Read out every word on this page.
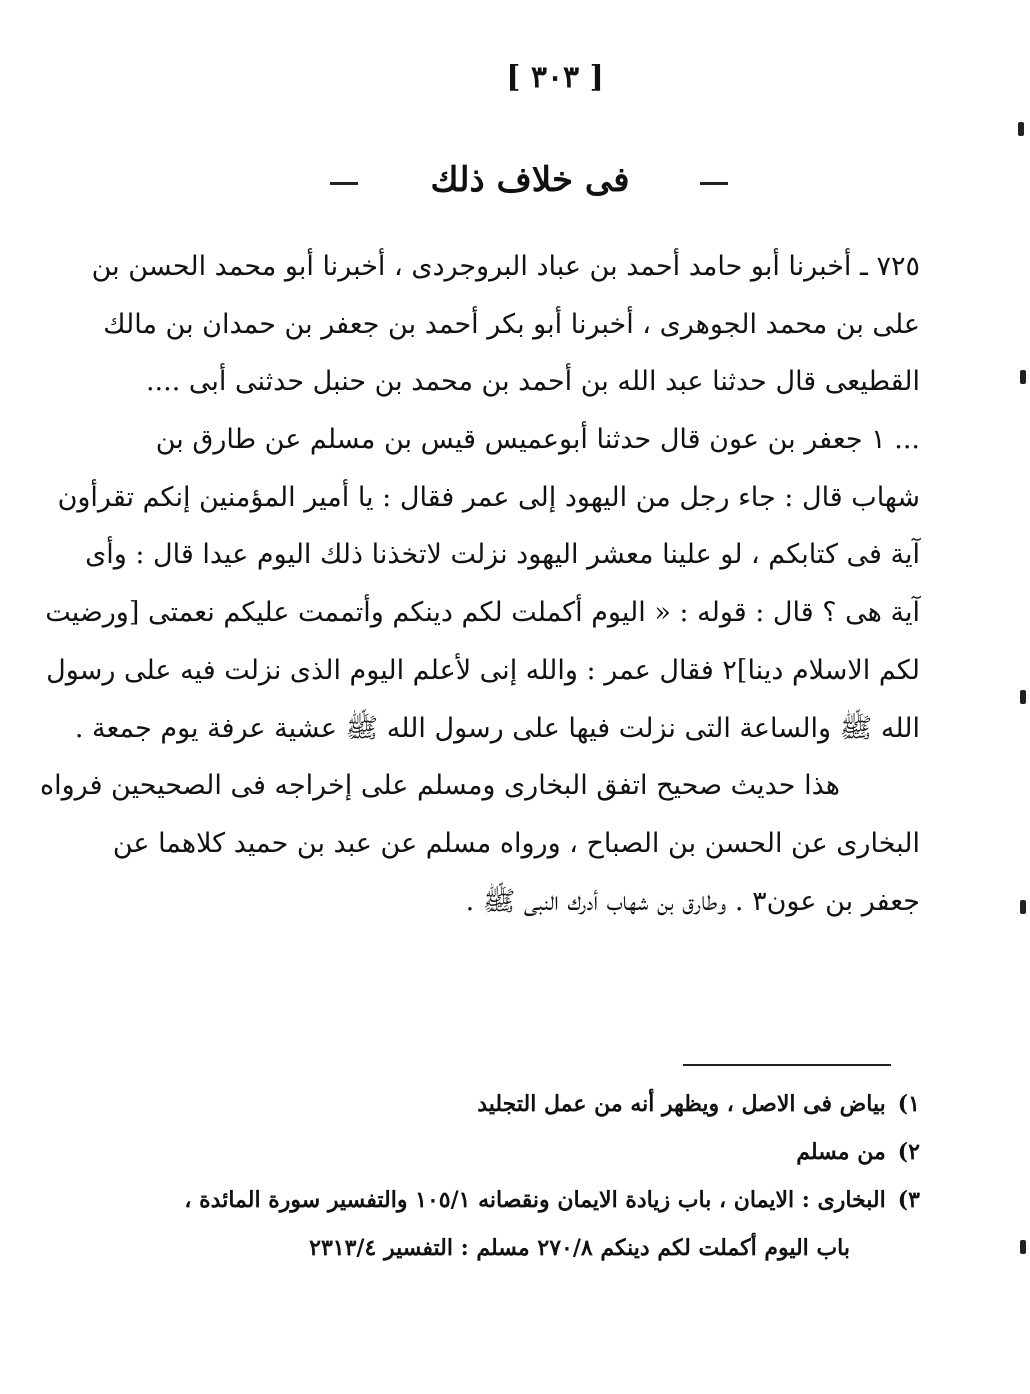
[ ٣٠٣ ]
فى خلاف ذلك
٧٢٥ ـ أخبرنا أبو حامد أحمد بن عباد البروجردى ، أخبرنا أبو محمد الحسن بن
على بن محمد الجوهرى ، أخبرنا أبو بكر أحمد بن جعفر بن حمدان بن مالك
القطيعى قال حدثنا عبد الله بن أحمد بن محمد بن حنبل حدثنى أبى ....
... ١ جعفر بن عون قال حدثنا أبوعميس قيس بن مسلم عن طارق بن
شهاب قال : جاء رجل من اليهود إلى عمر فقال : يا أمير المؤمنين إنكم تقرأون
آية فى كتابكم ، لو علينا معشر اليهود نزلت لاتخذنا ذلك اليوم عيدا قال : وأى
آية هى ؟ قال : قوله : « اليوم أكملت لكم دينكم وأتممت عليكم نعمتى [ورضيت
لكم الاسلام دينا]٢ فقال عمر : والله إنى لأعلم اليوم الذى نزلت فيه على رسول
الله ﷺ والساعة التى نزلت فيها على رسول الله ﷺ عشية عرفة يوم جمعة .
هذا حديث صحيح اتفق البخارى ومسلم على إخراجه فى الصحيحين فرواه
البخارى عن الحسن بن الصباح ، ورواه مسلم عن عبد بن حميد كلاهما عن
جعفر بن عون٣ . وطارق بن شهاب أدرك النبى ﷺ .
١)بياض فى الاصل ، ويظهر أنه من عمل التجليد
٢)من مسلم
٣)البخارى : الايمان ، باب زيادة الايمان ونقصانه ١٠٥/١ والتفسير سورة المائدة ،
باب اليوم أكملت لكم دينكم ٢٧٠/٨ مسلم : التفسير ٢٣١٣/٤
